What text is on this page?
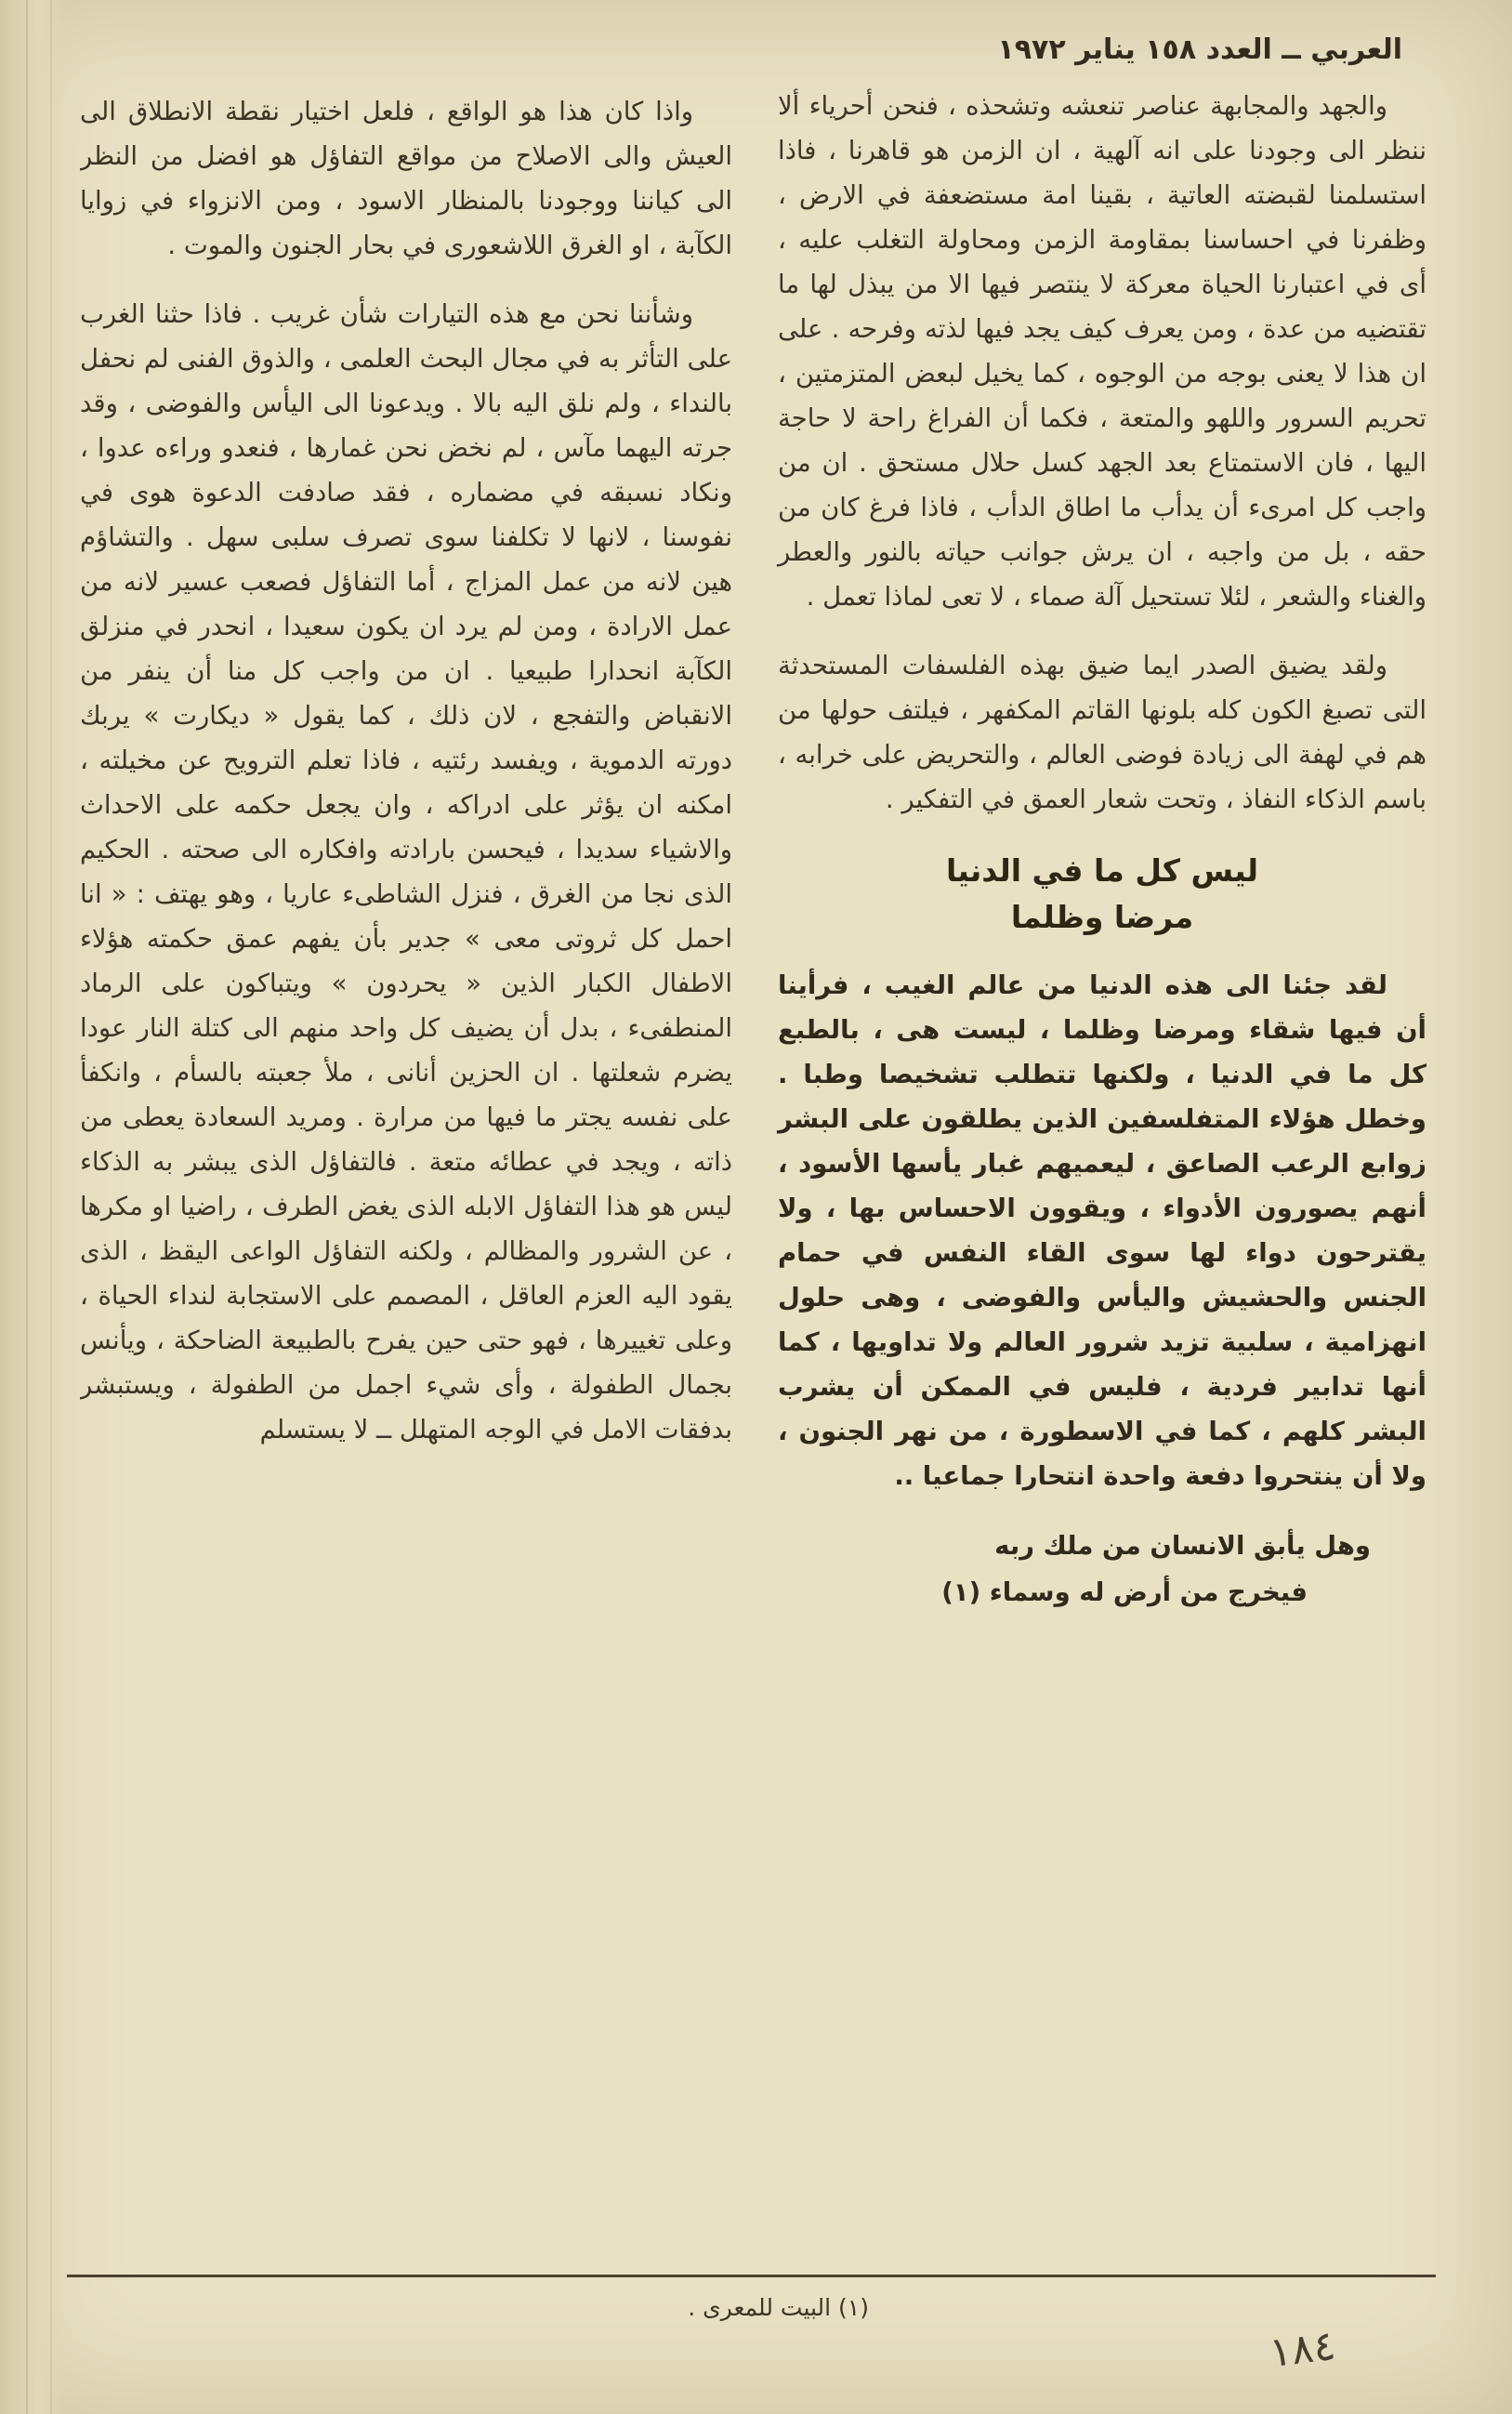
العربي ــ العدد ١٥٨ يناير ١٩٧٢

والجهد والمجابهة عناصر تنعشه وتشحذه ، فنحن أحرياء ألا ننظر الى وجودنا على انه آلهية ، ان الزمن هو قاهرنا ، فاذا استسلمنا لقبضته العاتية ، بقينا امة مستضعفة في الارض ، وظفرنا في احساسنا بمقاومة الزمن ومحاولة التغلب عليه ، أى في اعتبارنا الحياة معركة لا ينتصر فيها الا من يبذل لها ما تقتضيه من عدة ، ومن يعرف كيف يجد فيها لذته وفرحه . على ان هذا لا يعنى بوجه من الوجوه ، كما يخيل لبعض المتزمتين ، تحريم السرور واللهو والمتعة ، فكما أن الفراغ راحة لا حاجة اليها ، فان الاستمتاع بعد الجهد كسل حلال مستحق . ان من واجب كل امرىء أن يدأب ما اطاق الدأب ، فاذا فرغ كان من حقه ، بل من واجبه ، ان يرش جوانب حياته بالنور والعطر والغناء والشعر ، لئلا تستحيل آلة صماء ، لا تعى لماذا تعمل .

ولقد يضيق الصدر ايما ضيق بهذه الفلسفات المستحدثة التى تصبغ الكون كله بلونها القاتم المكفهر ، فيلتف حولها من هم في لهفة الى زيادة فوضى العالم ، والتحريض على خرابه ، باسم الذكاء النفاذ ، وتحت شعار العمق في التفكير .

ليس كل ما في الدنيا
مرضا وظلما

لقد جئنا الى هذه الدنيا من عالم الغيب ، فرأينا أن فيها شقاء ومرضا وظلما ، ليست هى ، بالطبع كل ما في الدنيا ، ولكنها تتطلب تشخيصا وطبا . وخطل هؤلاء المتفلسفين الذين يطلقون على البشر زوابع الرعب الصاعق ، ليعميهم غبار يأسها الأسود ، أنهم يصورون الأدواء ، ويقوون الاحساس بها ، ولا يقترحون دواء لها سوى القاء النفس في حمام الجنس والحشيش واليأس والفوضى ، وهى حلول انهزامية ، سلبية تزيد شرور العالم ولا تداويها ، كما أنها تدابير فردية ، فليس في الممكن أن يشرب البشر كلهم ، كما في الاسطورة ، من نهر الجنون ، ولا أن ينتحروا دفعة واحدة انتحارا جماعيا ..

وهل يأبق الانسان من ملك ربه
فيخرج من أرض له وسماء (١)

واذا كان هذا هو الواقع ، فلعل اختيار نقطة الانطلاق الى العيش والى الاصلاح من مواقع التفاؤل هو افضل من النظر الى كياننا ووجودنا بالمنظار الاسود ، ومن الانزواء في زوايا الكآبة ، او الغرق اللاشعورى في بحار الجنون والموت .

وشأننا نحن مع هذه التيارات شأن غريب . فاذا حثنا الغرب على التأثر به في مجال البحث العلمى ، والذوق الفنى لم نحفل بالنداء ، ولم نلق اليه بالا . ويدعونا الى اليأس والفوضى ، وقد جرته اليهما مآس ، لم نخض نحن غمارها ، فنعدو وراءه عدوا ، ونكاد نسبقه في مضماره ، فقد صادفت الدعوة هوى في نفوسنا ، لانها لا تكلفنا سوى تصرف سلبى سهل . والتشاؤم هين لانه من عمل المزاج ، أما التفاؤل فصعب عسير لانه من عمل الارادة ، ومن لم يرد ان يكون سعيدا ، انحدر في منزلق الكآبة انحدارا طبيعيا . ان من واجب كل منا أن ينفر من الانقباض والتفجع ، لان ذلك ، كما يقول « ديكارت » يربك دورته الدموية ، ويفسد رئتيه ، فاذا تعلم الترويح عن مخيلته ، امكنه ان يؤثر على ادراكه ، وان يجعل حكمه على الاحداث والاشياء سديدا ، فيحسن بارادته وافكاره الى صحته . الحكيم الذى نجا من الغرق ، فنزل الشاطىء عاريا ، وهو يهتف : « انا احمل كل ثروتى معى » جدير بأن يفهم عمق حكمته هؤلاء الاطفال الكبار الذين « يحردون » ويتباكون على الرماد المنطفىء ، بدل أن يضيف كل واحد منهم الى كتلة النار عودا يضرم شعلتها . ان الحزين أنانى ، ملأ جعبته بالسأم ، وانكفأ على نفسه يجتر ما فيها من مرارة . ومريد السعادة يعطى من ذاته ، ويجد في عطائه متعة . فالتفاؤل الذى يبشر به الذكاء ليس هو هذا التفاؤل الابله الذى يغض الطرف ، راضيا او مكرها ، عن الشرور والمظالم ، ولكنه التفاؤل الواعى اليقظ ، الذى يقود اليه العزم العاقل ، المصمم على الاستجابة لنداء الحياة ، وعلى تغييرها ، فهو حتى حين يفرح بالطبيعة الضاحكة ، ويأنس بجمال الطفولة ، وأى شيء اجمل من الطفولة ، ويستبشر بدفقات الامل في الوجه المتهلل ــ لا يستسلم

(١) البيت للمعرى .
١٨٤
